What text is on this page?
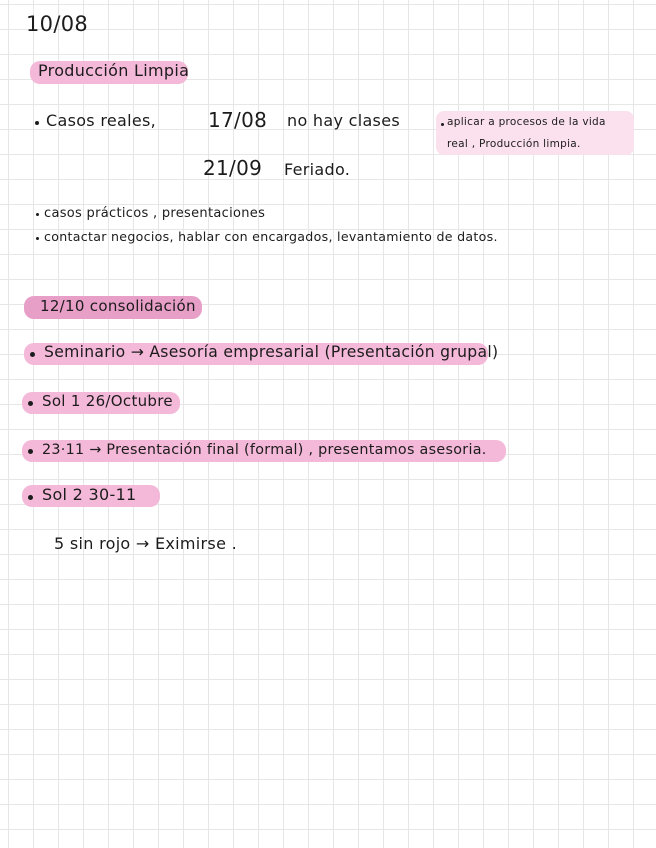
10/08
Producción Limpia
Casos reales,	17/08 no hay clases	aplicar a procesos de la vida
real , Producción limpia.
21/09 Feriado.
casos prácticos , presentaciones
contactar negocios, hablar con encargados, levantamiento de datos.
12/10 consolidación
Seminario → Asesoría empresarial (Presentación grupal)
Sol 1 26/Octubre
23·11 → Presentación final (formal) , presentamos asesoria.
Sol 2 30-11
5 sin rojo → Eximirse .
